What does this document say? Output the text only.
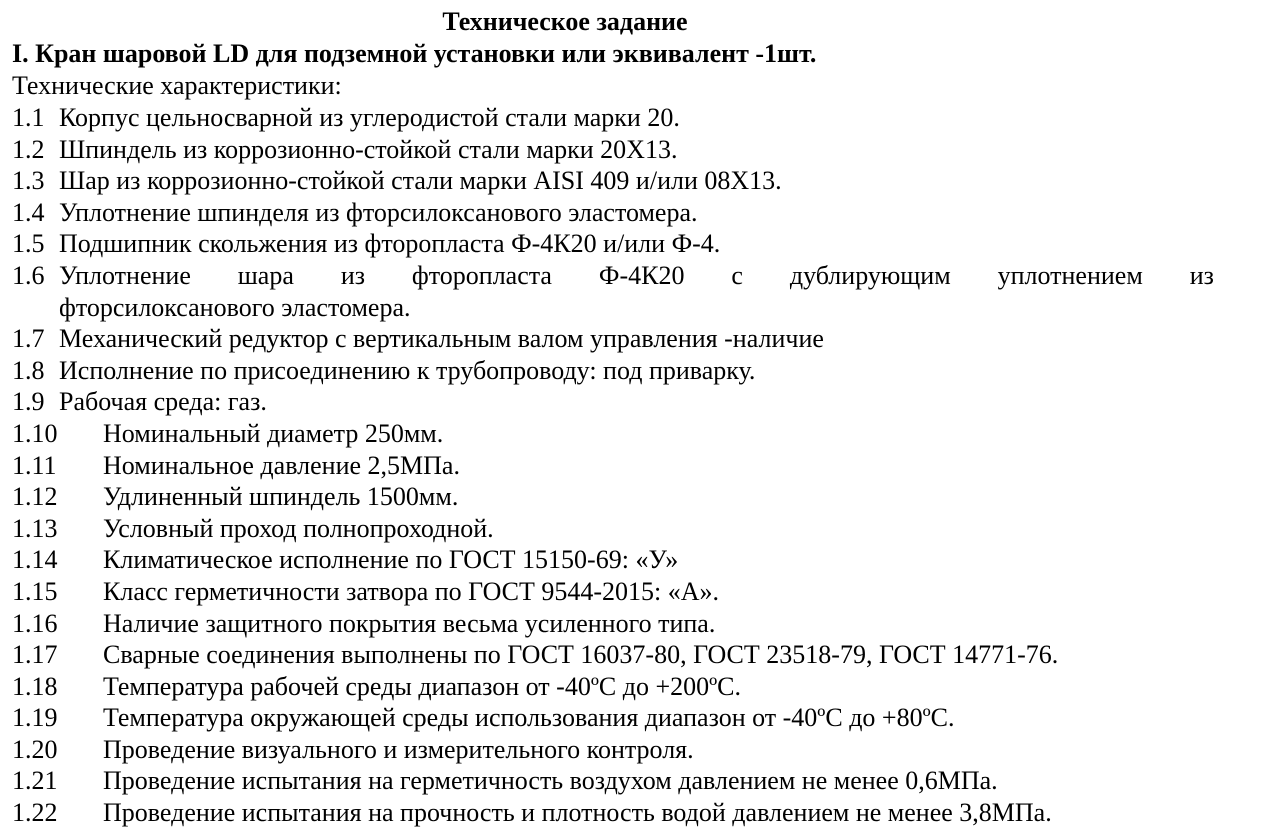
Техническое задание
I. Кран шаровой LD для подземной установки или эквивалент -1шт.
Технические характеристики:
1.1 Корпус цельносварной из углеродистой стали марки 20.
1.2 Шпиндель из коррозионно-стойкой стали марки 20Х13.
1.3 Шар из коррозионно-стойкой стали марки AISI 409 и/или 08Х13.
1.4 Уплотнение шпинделя из фторсилоксанового эластомера.
1.5 Подшипник скольжения из фторопласта Ф-4К20 и/или Ф-4.
1.6 Уплотнение шара из фторопласта Ф-4К20 с дублирующим уплотнением из
фторсилоксанового эластомера.
1.7 Механический редуктор с вертикальным валом управления -наличие
1.8 Исполнение по присоединению к трубопроводу: под приварку.
1.9 Рабочая среда: газ.
1.10	Номинальный диаметр 250мм.
1.11	Номинальное давление 2,5МПа.
1.12	Удлиненный шпиндель 1500мм.
1.13	Условный проход полнопроходной.
1.14	Климатическое исполнение по ГОСТ 15150-69: «У»
1.15	Класс герметичности затвора по ГОСТ 9544-2015: «А».
1.16	Наличие защитного покрытия весьма усиленного типа.
1.17	Сварные соединения выполнены по ГОСТ 16037-80, ГОСТ 23518-79, ГОСТ 14771-76.
1.18	Температура рабочей среды диапазон от -40ºС до +200ºС.
1.19	Температура окружающей среды использования диапазон от -40ºС до +80ºС.
1.20	Проведение визуального и измерительного контроля.
1.21	Проведение испытания на герметичность воздухом давлением не менее 0,6МПа.
1.22	Проведение испытания на прочность и плотность водой давлением не менее 3,8МПа.
